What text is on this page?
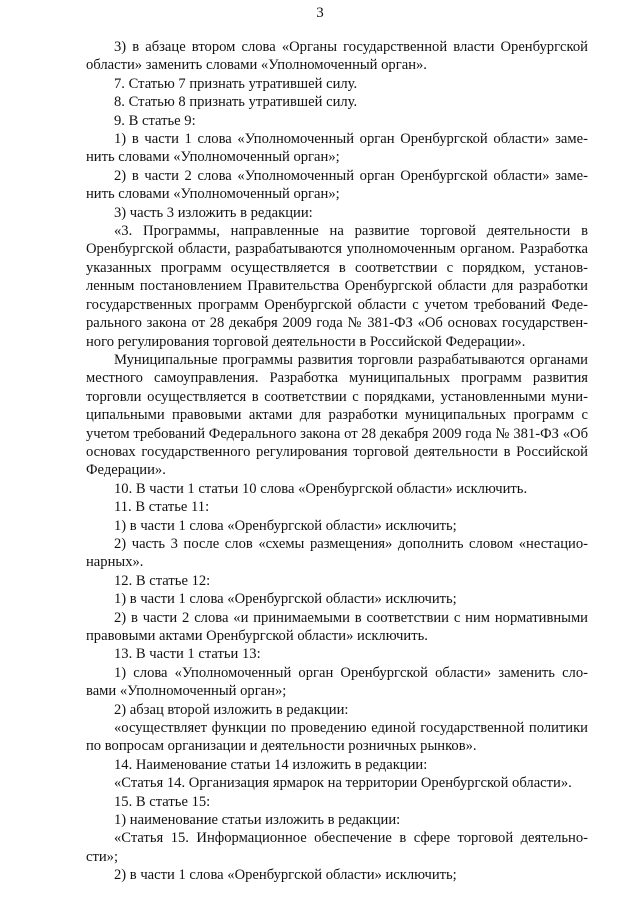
3

3) в абзаце втором слова «Органы государственной власти Оренбургской области» заменить словами «Уполномоченный орган».

7. Статью 7 признать утратившей силу.

8. Статью 8 признать утратившей силу.

9. В статье 9:

1) в части 1 слова «Уполномоченный орган Оренбургской области» заменить словами «Уполномоченный орган»;

2) в части 2 слова «Уполномоченный орган Оренбургской области» заменить словами «Уполномоченный орган»;

3) часть 3 изложить в редакции:

«3. Программы, направленные на развитие торговой деятельности в Оренбургской области, разрабатываются уполномоченным органом. Разработка указанных программ осуществляется в соответствии с порядком, установленным постановлением Правительства Оренбургской области для разработки государственных программ Оренбургской области с учетом требований Федерального закона от 28 декабря 2009 года № 381-ФЗ «Об основах государственного регулирования торговой деятельности в Российской Федерации».

Муниципальные программы развития торговли разрабатываются органами местного самоуправления. Разработка муниципальных программ развития торговли осуществляется в соответствии с порядками, установленными муниципальными правовыми актами для разработки муниципальных программ с учетом требований Федерального закона от 28 декабря 2009 года № 381-ФЗ «Об основах государственного регулирования торговой деятельности в Российской Федерации».

10. В части 1 статьи 10 слова «Оренбургской области» исключить.

11. В статье 11:

1) в части 1 слова «Оренбургской области» исключить;

2) часть 3 после слов «схемы размещения» дополнить словом «нестационарных».

12. В статье 12:

1) в части 1 слова «Оренбургской области» исключить;

2) в части 2 слова «и принимаемыми в соответствии с ним нормативными правовыми актами Оренбургской области» исключить.

13. В части 1 статьи 13:

1) слова «Уполномоченный орган Оренбургской области» заменить словами «Уполномоченный орган»;

2) абзац второй изложить в редакции:

«осуществляет функции по проведению единой государственной политики по вопросам организации и деятельности розничных рынков».

14. Наименование статьи 14 изложить в редакции:

«Статья 14. Организация ярмарок на территории Оренбургской области».

15. В статье 15:

1) наименование статьи изложить в редакции:

«Статья 15. Информационное обеспечение в сфере торговой деятельности»;

2) в части 1 слова «Оренбургской области» исключить;
